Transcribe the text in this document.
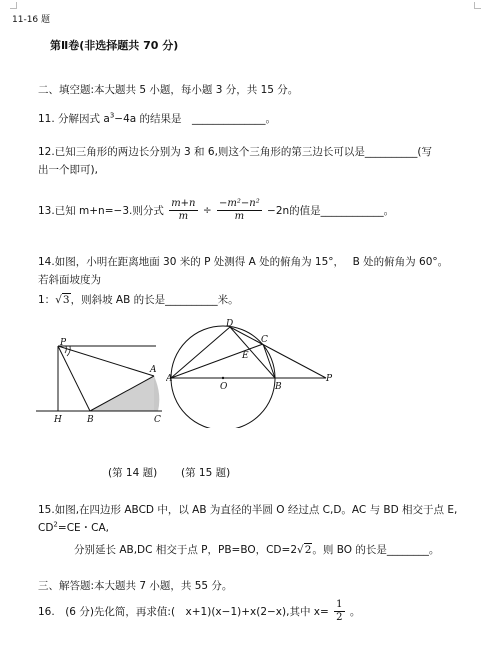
11-16 题
第Ⅱ卷(非选择题共 70 分)
二、填空题:本大题共 5 小题，每小题 3 分，共 15 分。
11. 分解因式 $a^3-4a$ 的结果是　______________。
12.已知三角形的两边长分别为 3 和 6,则这个三角形的第三边长可以是__________(写
出一个即可),
13.已知 m+n=−3.则分式 $\frac{m+n}{m} \div \frac{\text{−m²−n²}}{m} -2n$的值是____________。
14.如图，小明在距离地面 30 米的 P 处测得 A 处的俯角为 15°，　 B 处的俯角为 60°。
若斜面坡度为
1：√3，则斜坡 AB 的长是__________米。
P
A
H	B	C
D
C
E
A
O	B
P
(第 14 题) (第 15 题)
15.如图,在四边形 ABCD 中，以 AB 为直径的半圆 O 经过点 C,D。AC 与 BD 相交于点 E,
$CD^2=CE$・CA,
分别延长 AB,DC 相交于点 P，PB=BO，CD=2√2。则 BO 的长是________。
三、解答题:本大题共 7 小题，共 55 分。
16.　(6 分)先化简，再求值:(　x+1)(x−1)+x(2−x),其中 $x= \frac{1}{2}$ 。
